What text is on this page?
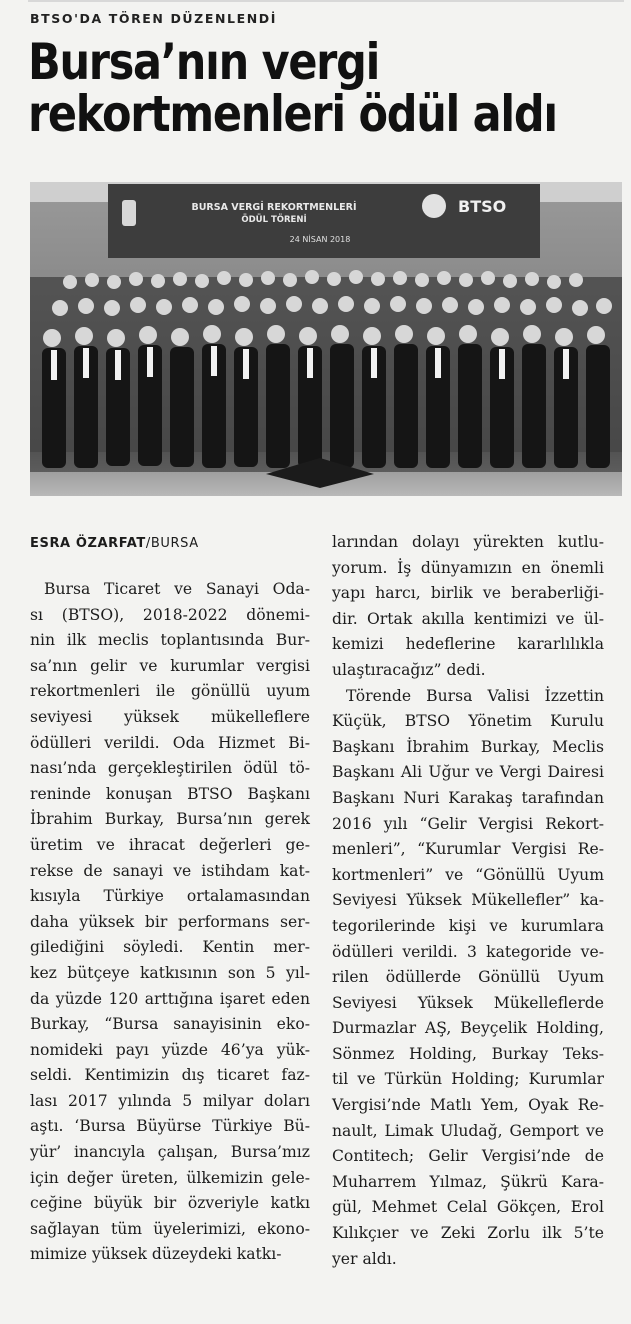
BTSO'DA TÖREN DÜZENLENDİ
Bursa’nın vergi
rekortmenleri ödül aldı
BURSA VERGİ REKORTMENLERİ
ÖDÜL TÖRENİ
24 NİSAN 2018
BTSO
ESRA ÖZARFAT/BURSA

Bursa Ticaret ve Sanayi Oda-

sı (BTSO), 2018-2022 dönemi-

nin ilk meclis toplantısında Bur-

sa’nın gelir ve kurumlar vergisi

rekortmenleri ile gönüllü uyum

seviyesi yüksek mükelleflere

ödülleri verildi. Oda Hizmet Bi-

nası’nda gerçekleştirilen ödül tö-

reninde konuşan BTSO Başkanı

İbrahim Burkay, Bursa’nın gerek

üretim ve ihracat değerleri ge-

rekse de sanayi ve istihdam kat-

kısıyla Türkiye ortalamasından

daha yüksek bir performans ser-

gilediğini söyledi. Kentin mer-

kez bütçeye katkısının son 5 yıl-

da yüzde 120 arttığına işaret eden

Burkay, “Bursa sanayisinin eko-

nomideki payı yüzde 46’ya yük-

seldi. Kentimizin dış ticaret faz-

lası 2017 yılında 5 milyar doları

aştı. ‘Bursa Büyürse Türkiye Bü-

yür’ inancıyla çalışan, Bursa’mız

için değer üreten, ülkemizin gele-

ceğine büyük bir özveriyle katkı

sağlayan tüm üyelerimizi, ekono-

mimize yüksek düzeydeki katkı-

larından dolayı yürekten kutlu-

yorum. İş dünyamızın en önemli

yapı harcı, birlik ve beraberliği-

dir. Ortak akılla kentimizi ve ül-

kemizi hedeflerine kararlılıkla

ulaştıracağız” dedi.

Törende Bursa Valisi İzzettin

Küçük, BTSO Yönetim Kurulu

Başkanı İbrahim Burkay, Meclis

Başkanı Ali Uğur ve Vergi Dairesi

Başkanı Nuri Karakaş tarafından

2016 yılı “Gelir Vergisi Rekort-

menleri”, “Kurumlar Vergisi Re-

kortmenleri” ve “Gönüllü Uyum

Seviyesi Yüksek Mükellefler” ka-

tegorilerinde kişi ve kurumlara

ödülleri verildi. 3 kategoride ve-

rilen ödüllerde Gönüllü Uyum

Seviyesi Yüksek Mükelleflerde

Durmazlar AŞ, Beyçelik Holding,

Sönmez Holding, Burkay Teks-

til ve Türkün Holding; Kurumlar

Vergisi’nde Matlı Yem, Oyak Re-

nault, Limak Uludağ, Gemport ve

Contitech; Gelir Vergisi’nde de

Muharrem Yılmaz, Şükrü Kara-

gül, Mehmet Celal Gökçen, Erol

Kılıkçıer ve Zeki Zorlu ilk 5’te

yer aldı.
